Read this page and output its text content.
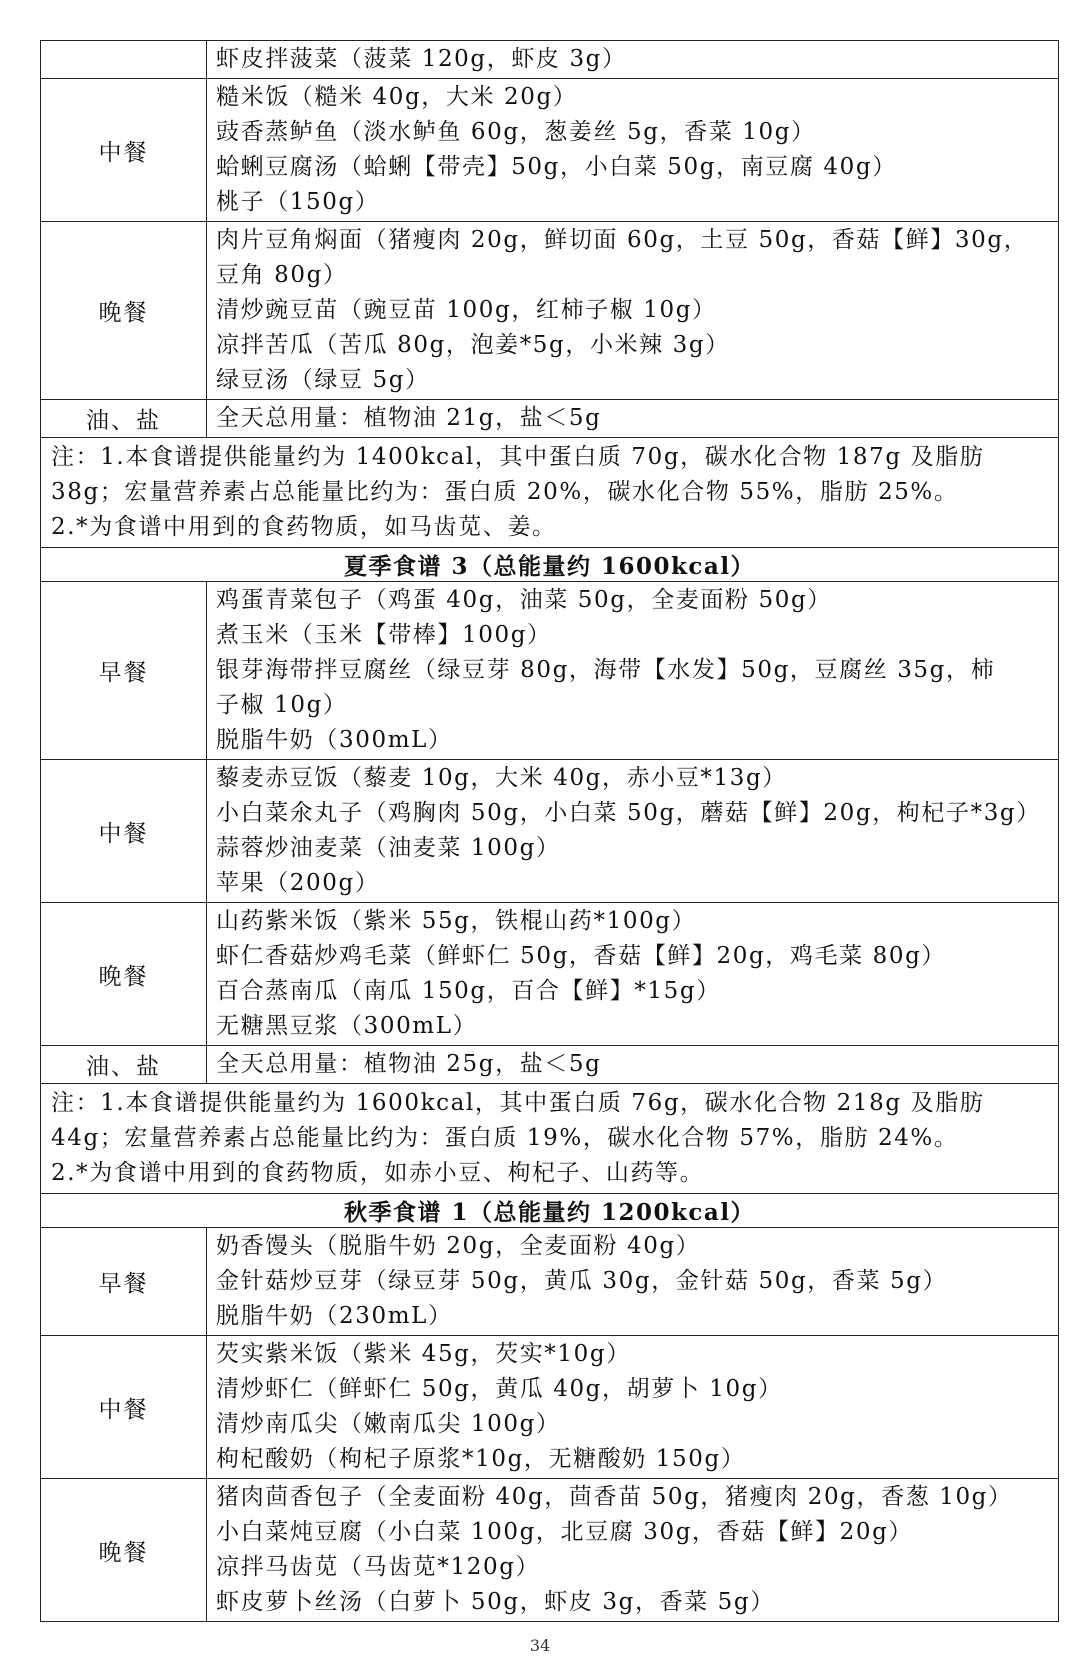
	虾皮拌菠菜（菠菜 120g，虾皮 3g）

中餐	糙米饭（糙米 40g，大米 20g）
豉香蒸鲈鱼（淡水鲈鱼 60g，葱姜丝 5g，香菜 10g）
蛤蜊豆腐汤（蛤蜊【带壳】50g，小白菜 50g，南豆腐 40g）
桃子（150g）

晚餐	肉片豆角焖面（猪瘦肉 20g，鲜切面 60g，土豆 50g，香菇【鲜】30g，
豆角 80g）
清炒豌豆苗（豌豆苗 100g，红柿子椒 10g）
凉拌苦瓜（苦瓜 80g，泡姜*5g，小米辣 3g）
绿豆汤（绿豆 5g）

油、盐	全天总用量：植物油 21g，盐＜5g

注：1.本食谱提供能量约为 1400kcal，其中蛋白质 70g，碳水化合物 187g 及脂肪
38g；宏量营养素占总能量比约为：蛋白质 20%，碳水化合物 55%，脂肪 25%。
2.*为食谱中用到的食药物质，如马齿苋、姜。	

夏季食谱 3（总能量约 1600kcal）	
早餐	鸡蛋青菜包子（鸡蛋 40g，油菜 50g，全麦面粉 50g）
煮玉米（玉米【带棒】100g）
银芽海带拌豆腐丝（绿豆芽 80g，海带【水发】50g，豆腐丝 35g，柿
子椒 10g）
脱脂牛奶（300mL）

中餐	藜麦赤豆饭（藜麦 10g，大米 40g，赤小豆*13g）
小白菜氽丸子（鸡胸肉 50g，小白菜 50g，蘑菇【鲜】20g，枸杞子*3g）
蒜蓉炒油麦菜（油麦菜 100g）
苹果（200g）

晚餐	山药紫米饭（紫米 55g，铁棍山药*100g）
虾仁香菇炒鸡毛菜（鲜虾仁 50g，香菇【鲜】20g，鸡毛菜 80g）
百合蒸南瓜（南瓜 150g，百合【鲜】*15g）
无糖黑豆浆（300mL）

油、盐	全天总用量：植物油 25g，盐＜5g

注：1.本食谱提供能量约为 1600kcal，其中蛋白质 76g，碳水化合物 218g 及脂肪
44g；宏量营养素占总能量比约为：蛋白质 19%，碳水化合物 57%，脂肪 24%。
2.*为食谱中用到的食药物质，如赤小豆、枸杞子、山药等。	

秋季食谱 1（总能量约 1200kcal）	
早餐	奶香馒头（脱脂牛奶 20g，全麦面粉 40g）
金针菇炒豆芽（绿豆芽 50g，黄瓜 30g，金针菇 50g，香菜 5g）
脱脂牛奶（230mL）

中餐	芡实紫米饭（紫米 45g，芡实*10g）
清炒虾仁（鲜虾仁 50g，黄瓜 40g，胡萝卜 10g）
清炒南瓜尖（嫩南瓜尖 100g）
枸杞酸奶（枸杞子原浆*10g，无糖酸奶 150g）

晚餐	猪肉茴香包子（全麦面粉 40g，茴香苗 50g，猪瘦肉 20g，香葱 10g）
小白菜炖豆腐（小白菜 100g，北豆腐 30g，香菇【鲜】20g）
凉拌马齿苋（马齿苋*120g）
虾皮萝卜丝汤（白萝卜 50g，虾皮 3g，香菜 5g）
34
